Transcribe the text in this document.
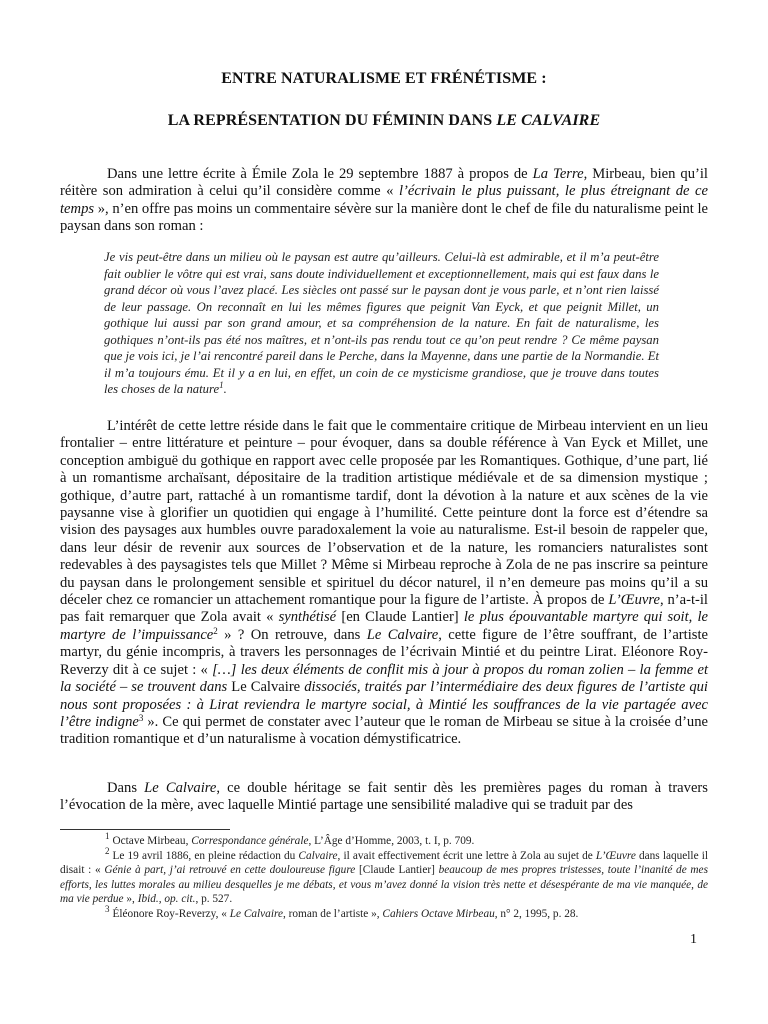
ENTRE NATURALISME ET FRÉNÉTISME :
LA REPRÉSENTATION DU FÉMININ DANS LE CALVAIRE
Dans une lettre écrite à Émile Zola le 29 septembre 1887 à propos de La Terre, Mirbeau, bien qu’il réitère son admiration à celui qu’il considère comme « l’écrivain le plus puissant, le plus étreignant de ce temps », n’en offre pas moins un commentaire sévère sur la manière dont le chef de file du naturalisme peint le paysan dans son roman :
Je vis peut-être dans un milieu où le paysan est autre qu’ailleurs. Celui-là est admirable, et il m’a peut-être fait oublier le vôtre qui est vrai, sans doute individuellement et exceptionnellement, mais qui est faux dans le grand décor où vous l’avez placé. Les siècles ont passé sur le paysan dont je vous parle, et n’ont rien laissé de leur passage. On reconnaît en lui les mêmes figures que peignit Van Eyck, et que peignit Millet, un gothique lui aussi par son grand amour, et sa compréhension de la nature. En fait de naturalisme, les gothiques n’ont-ils pas été nos maîtres, et n’ont-ils pas rendu tout ce qu’on peut rendre ? Ce même paysan que je vois ici, je l’ai rencontré pareil dans le Perche, dans la Mayenne, dans une partie de la Normandie. Et il m’a toujours ému. Et il y a en lui, en effet, un coin de ce mysticisme grandiose, que je trouve dans toutes les choses de la nature$^1$.
L’intérêt de cette lettre réside dans le fait que le commentaire critique de Mirbeau intervient en un lieu frontalier – entre littérature et peinture – pour évoquer, dans sa double référence à Van Eyck et Millet, une conception ambiguë du gothique en rapport avec celle proposée par les Romantiques. Gothique, d’une part, lié à un romantisme archaïsant, dépositaire de la tradition artistique médiévale et de sa dimension mystique ; gothique, d’autre part, rattaché à un romantisme tardif, dont la dévotion à la nature et aux scènes de la vie paysanne vise à glorifier un quotidien qui engage à l’humilité. Cette peinture dont la force est d’étendre sa vision des paysages aux humbles ouvre paradoxalement la voie au naturalisme. Est-il besoin de rappeler que, dans leur désir de revenir aux sources de l’observation et de la nature, les romanciers naturalistes sont redevables à des paysagistes tels que Millet ? Même si Mirbeau reproche à Zola de ne pas inscrire sa peinture du paysan dans le prolongement sensible et spirituel du décor naturel, il n’en demeure pas moins qu’il a su déceler chez ce romancier un attachement romantique pour la figure de l’artiste. À propos de L’Œuvre, n’a-t-il pas fait remarquer que Zola avait « synthétisé [en Claude Lantier] le plus épouvantable martyre qui soit, le martyre de l’impuissance$^2$ » ? On retrouve, dans Le Calvaire, cette figure de l’être souffrant, de l’artiste martyr, du génie incompris, à travers les personnages de l’écrivain Mintié et du peintre Lirat. Eléonore Roy-Reverzy dit à ce sujet : « […] les deux éléments de conflit mis à jour à propos du roman zolien – la femme et la société – se trouvent dans Le Calvaire dissociés, traités par l’intermédiaire des deux figures de l’artiste qui nous sont proposées : à Lirat reviendra le martyre social, à Mintié les souffrances de la vie partagée avec l’être indigne$^3$ ». Ce qui permet de constater avec l’auteur que le roman de Mirbeau se situe à la croisée d’une tradition romantique et d’un naturalisme à vocation démystificatrice.
Dans Le Calvaire, ce double héritage se fait sentir dès les premières pages du roman à travers l’évocation de la mère, avec laquelle Mintié partage une sensibilité maladive qui se traduit par des

$^1$ Octave Mirbeau, Correspondance générale, L’Âge d’Homme, 2003, t. I, p. 709.

$^2$ Le 19 avril 1886, en pleine rédaction du Calvaire, il avait effectivement écrit une lettre à Zola au sujet de L’Œuvre dans laquelle il disait : « Génie à part, j’ai retrouvé en cette douloureuse figure [Claude Lantier] beaucoup de mes propres tristesses, toute l’inanité de mes efforts, les luttes morales au milieu desquelles je me débats, et vous m’avez donné la vision très nette et désespérante de ma vie manquée, de ma vie perdue », Ibid., op. cit., p. 527.

$^3$ Éléonore Roy-Reverzy, « Le Calvaire, roman de l’artiste », Cahiers Octave Mirbeau, n° 2, 1995, p. 28.

1
